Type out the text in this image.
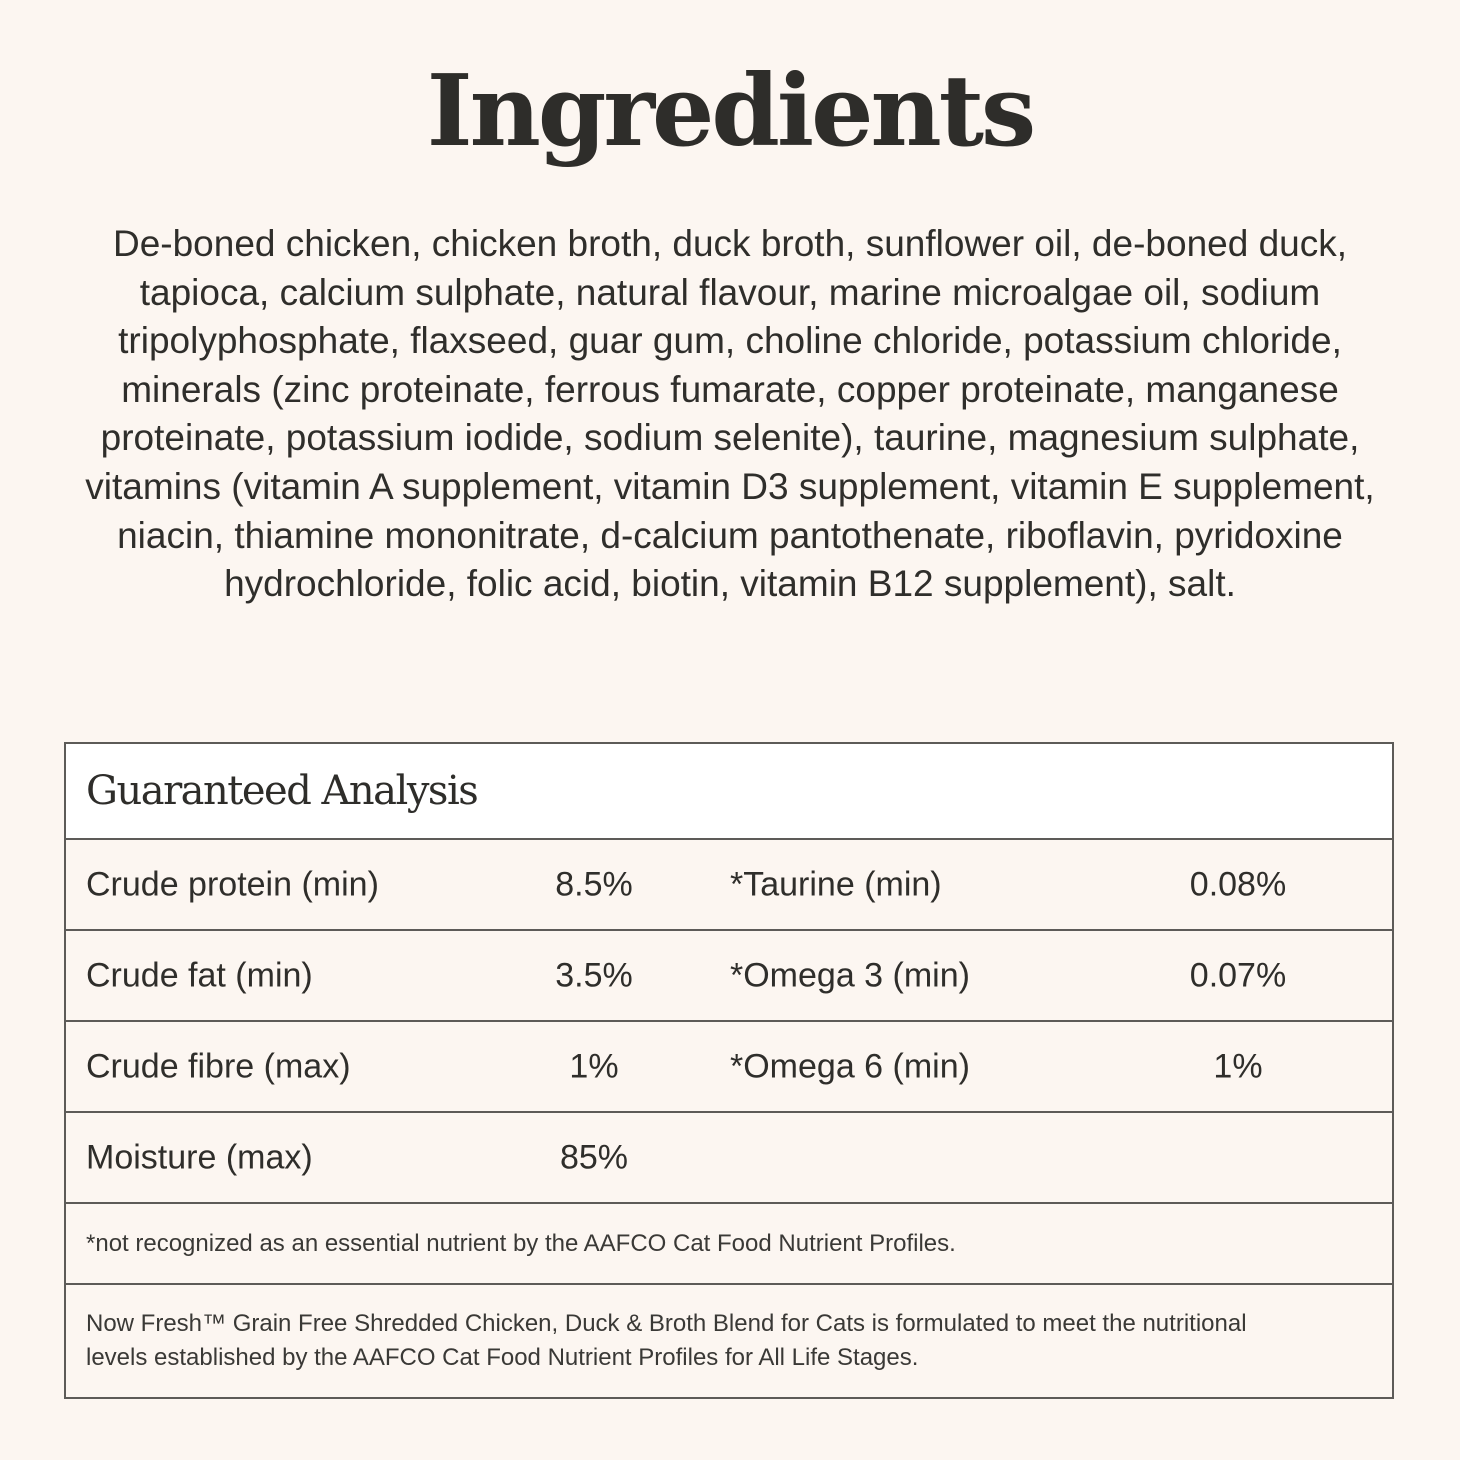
Ingredients
De-boned chicken, chicken broth, duck broth, sunflower oil, de-boned duck, tapioca, calcium sulphate, natural flavour, marine microalgae oil, sodium tripolyphosphate, flaxseed, guar gum, choline chloride, potassium chloride, minerals (zinc proteinate, ferrous fumarate, copper proteinate, manganese proteinate, potassium iodide, sodium selenite), taurine, magnesium sulphate, vitamins (vitamin A supplement, vitamin D3 supplement, vitamin E supplement, niacin, thiamine mononitrate, d-calcium pantothenate, riboflavin, pyridoxine hydrochloride, folic acid, biotin, vitamin B12 supplement), salt.
Guaranteed Analysis
Crude protein (min)	8.5%	*Taurine (min)	0.08%
Crude fat (min)	3.5%	*Omega 3 (min)	0.07%
Crude fibre (max)	1%	*Omega 6 (min)	1%
Moisture (max)	85%
*not recognized as an essential nutrient by the AAFCO Cat Food Nutrient Profiles.
Now Fresh™ Grain Free Shredded Chicken, Duck & Broth Blend for Cats is formulated to meet the nutritional levels established by the AAFCO Cat Food Nutrient Profiles for All Life Stages.
